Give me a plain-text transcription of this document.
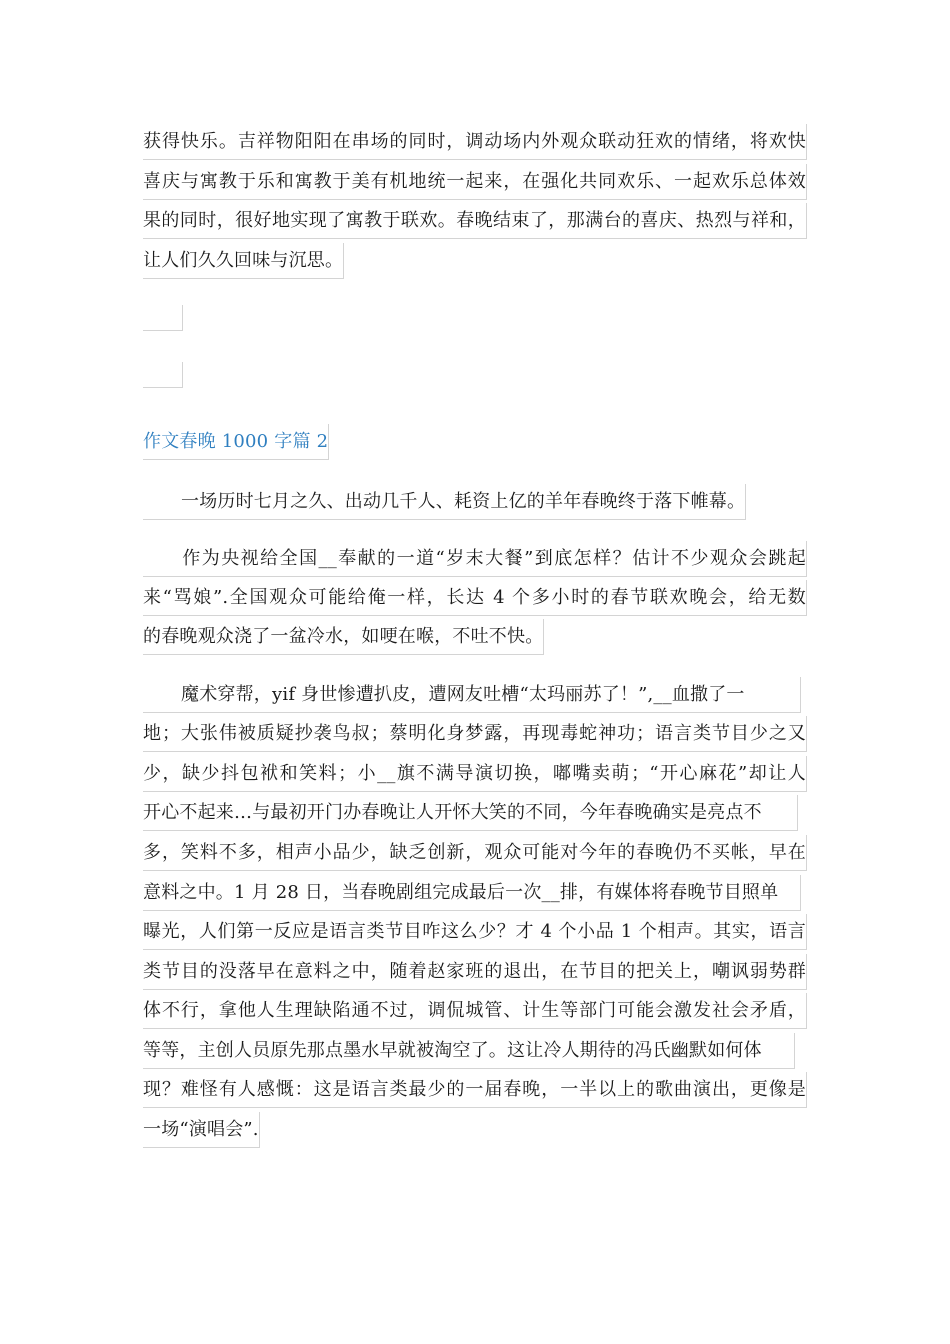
获得快乐。吉祥物阳阳在串场的同时，调动场内外观众联动狂欢的情绪，将欢快
喜庆与寓教于乐和寓教于美有机地统一起来，在强化共同欢乐、一起欢乐总体效
果的同时，很好地实现了寓教于联欢。春晚结束了，那满台的喜庆、热烈与祥和，
让人们久久回味与沉思。
作文春晚 1000 字篇 2
一场历时七月之久、出动几千人、耗资上亿的羊年春晚终于落下帷幕。
作为央视给全国__奉献的一道“岁末大餐”到底怎样？估计不少观众会跳起
来“骂娘”.全国观众可能给俺一样，长达 4 个多小时的春节联欢晚会，给无数
的春晚观众浇了一盆冷水，如哽在喉，不吐不快。
魔术穿帮，yif 身世惨遭扒皮，遭网友吐槽“太玛丽苏了！”,__血撒了一
地；大张伟被质疑抄袭鸟叔；蔡明化身梦露，再现毒蛇神功；语言类节目少之又
少，缺少抖包袱和笑料；小__旗不满导演切换，嘟嘴卖萌；“开心麻花”却让人
开心不起来…与最初开门办春晚让人开怀大笑的不同，今年春晚确实是亮点不
多，笑料不多，相声小品少，缺乏创新，观众可能对今年的春晚仍不买帐，早在
意料之中。1 月 28 日，当春晚剧组完成最后一次__排，有媒体将春晚节目照单
曝光，人们第一反应是语言类节目咋这么少？才 4 个小品 1 个相声。其实，语言
类节目的没落早在意料之中，随着赵家班的退出，在节目的把关上，嘲讽弱势群
体不行，拿他人生理缺陷通不过，调侃城管、计生等部门可能会激发社会矛盾，
等等，主创人员原先那点墨水早就被淘空了。这让冷人期待的冯氏幽默如何体
现？难怪有人感慨：这是语言类最少的一届春晚，一半以上的歌曲演出，更像是
一场“演唱会”.
